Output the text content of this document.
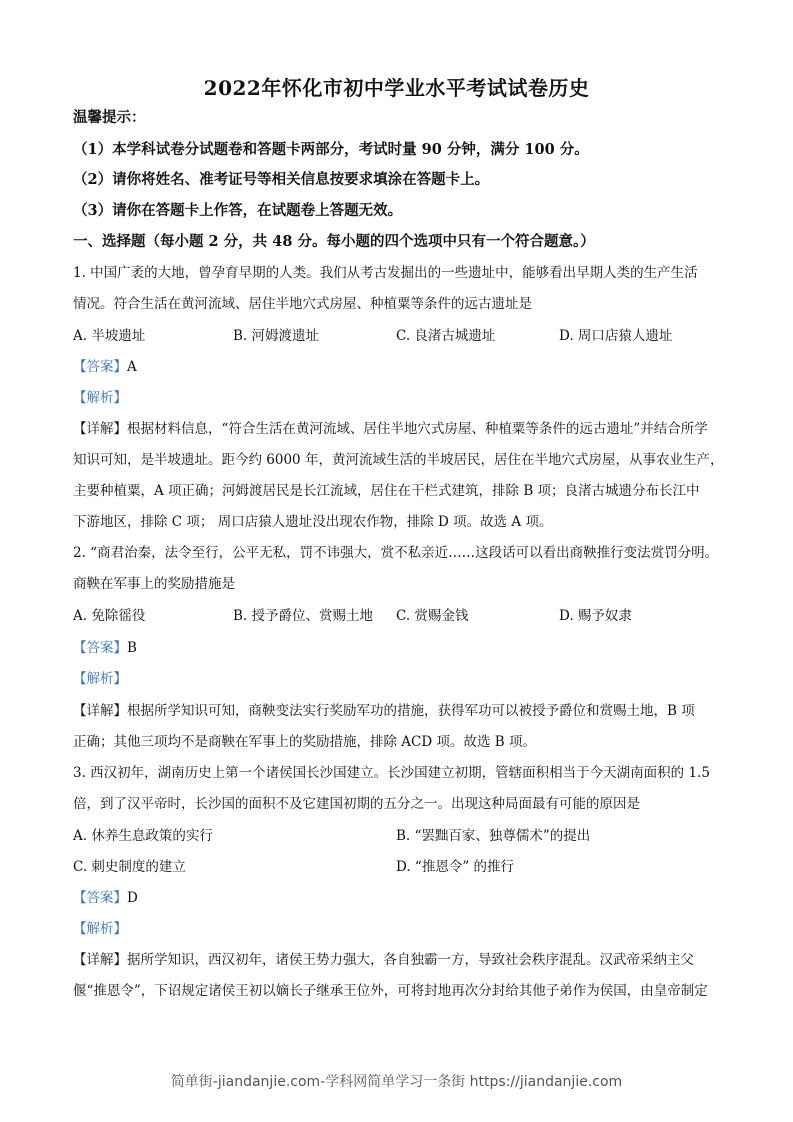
2022年怀化市初中学业水平考试试卷历史
温馨提示：
（1）本学科试卷分试题卷和答题卡两部分，考试时量 90 分钟，满分 100 分。
（2）请你将姓名、准考证号等相关信息按要求填涂在答题卡上。
（3）请你在答题卡上作答，在试题卷上答题无效。
一、选择题（每小题 2 分，共 48 分。每小题的四个选项中只有一个符合题意。）
1. 中国广袤的大地，曾孕育早期的人类。我们从考古发掘出的一些遗址中，能够看出早期人类的生产生活
情况。符合生活在黄河流域、居住半地穴式房屋、种植粟等条件的远古遗址是
A. 半坡遗址	B. 河姆渡遗址	C. 良渚古城遗址	D. 周口店猿人遗址
【答案】A
【解析】
【详解】根据材料信息，“符合生活在黄河流域、居住半地穴式房屋、种植粟等条件的远古遗址”并结合所学
知识可知，是半坡遗址。距今约 6000 年，黄河流域生活的半坡居民，居住在半地穴式房屋，从事农业生产，
主要种植粟，A 项正确；河姆渡居民是长江流域，居住在干栏式建筑，排除 B 项；良渚古城遗分布长江中
下游地区，排除 C 项； 周口店猿人遗址没出现农作物，排除 D 项。故选 A 项。
2. “商君治秦，法令至行，公平无私，罚不讳强大，赏不私亲近……这段话可以看出商鞅推行变法赏罚分明。
商鞅在军事上的奖励措施是
A. 免除徭役	B. 授予爵位、赏赐土地 C. 赏赐金钱	D. 赐予奴隶
【答案】B
【解析】
【详解】根据所学知识可知，商鞅变法实行奖励军功的措施，获得军功可以被授予爵位和赏赐土地，B 项
正确；其他三项均不是商鞅在军事上的奖励措施，排除 ACD 项。故选 B 项。
3. 西汉初年，湖南历史上第一个诸侯国长沙国建立。长沙国建立初期，管辖面积相当于今天湖南面积的 1.5
倍，到了汉平帝时，长沙国的面积不及它建国初期的五分之一。出现这种局面最有可能的原因是
A. 休养生息政策的实行	B. “罢黜百家、独尊儒术”的提出
C. 刺史制度的建立	D. “推恩令” 的推行
【答案】D
【解析】
【详解】据所学知识，西汉初年，诸侯王势力强大，各自独霸一方，导致社会秩序混乱。汉武帝采纳主父
偃“推恩令”，下诏规定诸侯王初以嫡长子继承王位外，可将封地再次分封给其他子弟作为侯国，由皇帝制定
简单街-jiandanjie.com-学科网简单学习一条街 https://jiandanjie.com
